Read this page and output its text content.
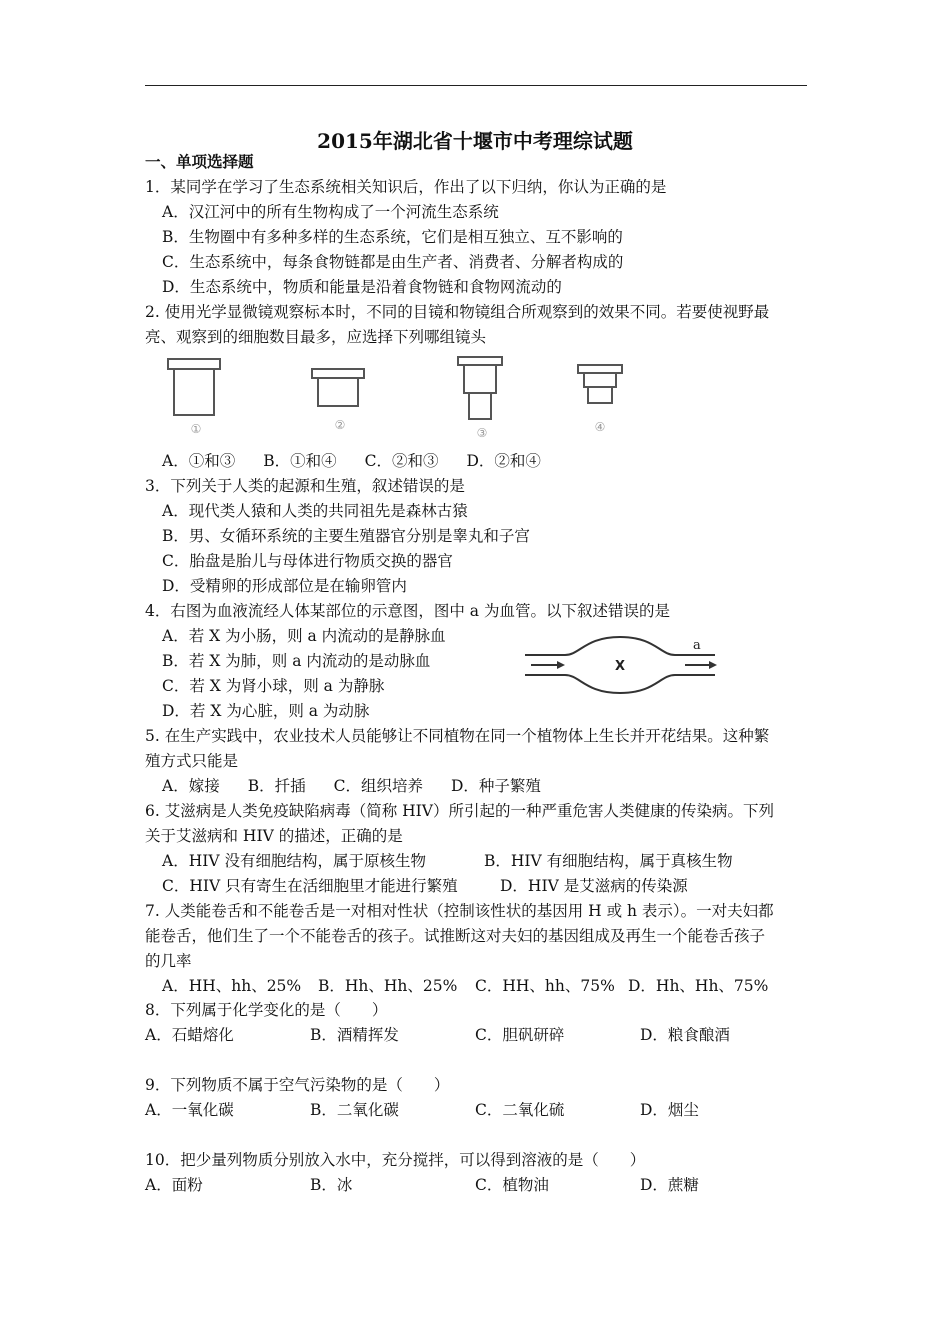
2015年湖北省十堰市中考理综试题
一、单项选择题
1．某同学在学习了生态系统相关知识后，作出了以下归纳，你认为正确的是
A．汉江河中的所有生物构成了一个河流生态系统
B．生物圈中有多种多样的生态系统，它们是相互独立、互不影响的
C．生态系统中，每条食物链都是由生产者、消费者、分解者构成的
D．生态系统中，物质和能量是沿着食物链和食物网流动的
2. 使用光学显微镜观察标本时，不同的目镜和物镜组合所观察到的效果不同。若要使视野最
亮、观察到的细胞数目最多，应选择下列哪组镜头
①	②
③	④
A．①和③ B．①和④ C．②和③ D．②和④
3．下列关于人类的起源和生殖，叙述错误的是
A．现代类人猿和人类的共同祖先是森林古猿
B．男、女循环系统的主要生殖器官分别是睾丸和子宫
C．胎盘是胎儿与母体进行物质交换的器官
D．受精卵的形成部位是在输卵管内
4．右图为血液流经人体某部位的示意图，图中 a 为血管。以下叙述错误的是
A．若 X 为小肠，则 a 内流动的是静脉血
B．若 X 为肺，则 a 内流动的是动脉血
C．若 X 为肾小球，则 a 为静脉
D．若 X 为心脏，则 a 为动脉
X
a
5. 在生产实践中，农业技术人员能够让不同植物在同一个植物体上生长并开花结果。这种繁
殖方式只能是
A．嫁接 B．扦插 C．组织培养 D．种子繁殖
6. 艾滋病是人类免疫缺陷病毒（简称 HIV）所引起的一种严重危害人类健康的传染病。下列
关于艾滋病和 HIV 的描述，正确的是
A．HIV 没有细胞结构，属于原核生物	B．HIV 有细胞结构，属于真核生物
C．HIV 只有寄生在活细胞里才能进行繁殖	D．HIV 是艾滋病的传染源
7. 人类能卷舌和不能卷舌是一对相对性状（控制该性状的基因用 H 或 h 表示）。一对夫妇都
能卷舌，他们生了一个不能卷舌的孩子。试推断这对夫妇的基因组成及再生一个能卷舌孩子
的几率
A．HH、hh、25% B．Hh、Hh、25% C．HH、hh、75% D．Hh、Hh、75%
8．下列属于化学变化的是（　　）
A．石蜡熔化	B．酒精挥发	C．胆矾研碎	D．粮食酿酒
9．下列物质不属于空气污染物的是（　　）
A．一氧化碳	B．二氧化碳	C．二氧化硫	D．烟尘
10．把少量列物质分别放入水中，充分搅拌，可以得到溶液的是（　　）
A．面粉	B．冰	C．植物油	D．蔗糖
